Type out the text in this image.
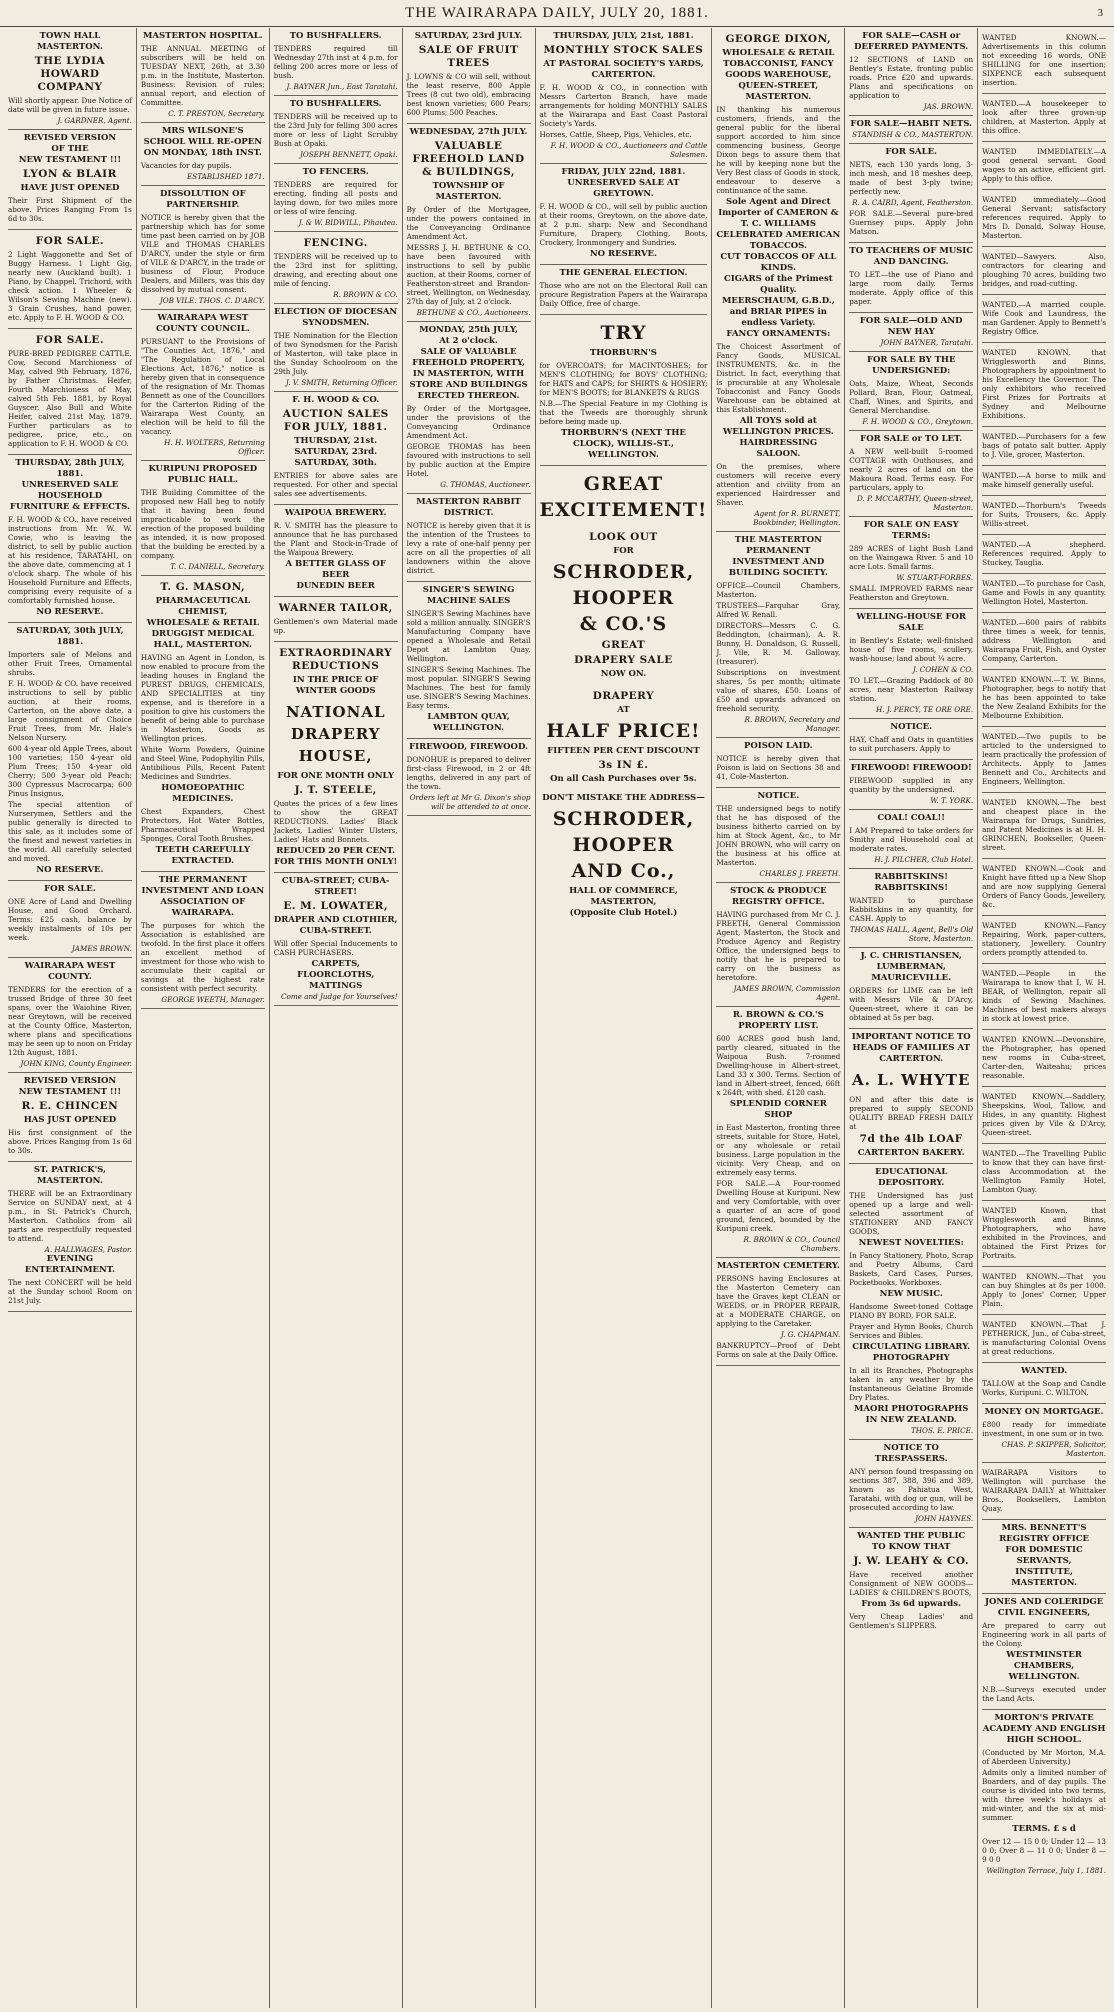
THE WAIRARAPA DAILY, JULY 20, 1881.	3
TOWN HALL MASTERTON.
THE LYDIA HOWARD COMPANY
Will shortly appear. Due Notice of date will be given in future issue.
J. GARDNER, Agent.
REVISED VERSION
OF THE
NEW TESTAMENT !!!
LYON & BLAIR
HAVE JUST OPENED
Their First Shipment of the above. Prices Ranging From 1s 6d to 30s.
FOR SALE.
2 Light Waggonette and Set of Buggy Harness. 1 Light Gig, nearly new (Auckland built). 1 Piano, by Chappel. Trichord, with check action. 1 Wheeler & Wilson's Sewing Machine (new). 3 Grain Crushes, hand power, etc. Apply to F. H. WOOD & CO.
FOR SALE.
PURE-BRED PEDIGREE CATTLE. Cow, Second Marchioness of May, calved 9th February, 1876, by Father Christmas. Heifer, Fourth Marchioness of May, calved 5th Feb. 1881, by Royal Guyscer. Also Bull and White Heifer, calved 21st May, 1879. Further particulars as to pedigree, price, etc., on application to F. H. WOOD & CO.
THURSDAY, 28th JULY, 1881.
UNRESERVED SALE HOUSEHOLD FURNITURE & EFFECTS.
F. H. WOOD & CO., have received instructions from Mr. W. W. Cowie, who is leaving the district, to sell by public auction at his residence, TARATAHI, on the above date, commencing at 1 o'clock sharp. The whole of his Household Furniture and Effects, comprising every requisite of a comfortably furnished house.
NO RESERVE.
SATURDAY, 30th JULY, 1881.
Importers sale of Melons and other Fruit Trees, Ornamental shrubs.
F. H. WOOD & CO. have received instructions to sell by public auction, at their rooms, Carterton, on the above date, a large consignment of Choice Fruit Trees, from Mr. Hale's Nelson Nursery.
600 4-year old Apple Trees, about 100 varieties; 150 4-year old Plum Trees; 150 4-year old Cherry; 500 3-year old Peach; 300 Cypressus Macrocarpa; 600 Pinus Insignus.
The special attention of Nurserymen, Settlers and the public generally is directed to this sale, as it includes some of the finest and newest varieties in the world. All carefully selected and moved.
NO RESERVE.
FOR SALE.
ONE Acre of Land and Dwelling House, and Good Orchard. Terms: £25 cash, balance by weekly instalments of 10s per week.
JAMES BROWN.
WAIRARAPA WEST COUNTY.
TENDERS for the erection of a trussed Bridge of three 30 feet spans, over the Waiohine River, near Greytown, will be received at the County Office, Masterton, where plans and specifications may be seen up to noon on Friday 12th August, 1881.
JOHN KING, County Engineer.
REVISED VERSION
NEW TESTAMENT !!!
R. E. CHINCEN
HAS JUST OPENED
His first consignment of the above. Prices Ranging from 1s 6d to 30s.
ST. PATRICK'S, MASTERTON.
THERE will be an Extraordinary Service on SUNDAY next, at 4 p.m., in St. Patrick's Church, Masterton. Catholics from all parts are respectfully requested to attend.
A. HALLWAGES, Pastor.
EVENING ENTERTAINMENT.
The next CONCERT will be held at the Sunday school Room on 21st July.
MASTERTON HOSPITAL.
THE ANNUAL MEETING of subscribers will be held on TUESDAY NEXT, 26th, at 3.30 p.m. in the Institute, Masterton. Business: Revision of rules; annual report, and election of Committee.
C. T. PRESTON, Secretary.
MRS WILSONE'S SCHOOL WILL RE-OPEN ON MONDAY, 18th INST.
Vacancies for day pupils.
ESTABLISHED 1871.
DISSOLUTION OF PARTNERSHIP.
NOTICE is hereby given that the partnership which has for some time past been carried on by JOB VILE and THOMAS CHARLES D'ARCY, under the style or firm of VILE & D'ARCY, in the trade or business of Flour, Produce Dealers, and Millers, was this day dissolved by mutual consent.
JOB VILE. THOS. C. D'ARCY.
WAIRARAPA WEST COUNTY COUNCIL.
PURSUANT to the Provisions of "The Counties Act, 1876," and "The Regulation of Local Elections Act, 1876," notice is hereby given that in consequence of the resignation of Mr. Thomas Bennett as one of the Councillors for the Carterton Riding of the Wairarapa West County, an election will be held to fill the vacancy.
H. H. WOLTERS, Returning Officer.
KURIPUNI PROPOSED PUBLIC HALL.
THE Building Committee of the proposed new Hall beg to notify that it having been found impracticable to work the erection of the proposed building as intended, it is now proposed that the building be erected by a company.
T. C. DANIELL, Secretary.
T. G. MASON,
PHARMACEUTICAL CHEMIST,
WHOLESALE & RETAIL DRUGGIST MEDICAL HALL, MASTERTON.
HAVING an Agent in London, is now enabled to procure from the leading houses in England the PUREST DRUGS, CHEMICALS, AND SPECIALITIES at tiny expense, and is therefore in a position to give his customers the benefit of being able to purchase in Masterton, Goods as Wellington prices.
White Worm Powders, Quinine and Steel Wine, Podophyllin Pills, Antibilious Pills, Recent Patent Medicines and Sundries.
HOMOEOPATHIC MEDICINES.
Chest Expanders, Chest Protectors, Hot Water Bottles, Pharmaceutical Wrapped Sponges, Coral Tooth Brushes.
TEETH CAREFULLY EXTRACTED.
THE PERMANENT INVESTMENT AND LOAN ASSOCIATION OF WAIRARAPA.
The purposes for which the Association is established are twofold. In the first place it offers an excellent method of investment for those who wish to accumulate their capital or savings at the highest rate consistent with perfect security.
GEORGE WEETH, Manager.
TO BUSHFALLERS.
TENDERS required till Wednesday 27th inst at 4 p.m. for felling 200 acres more or less of bush.
J. BAYNER Jun., East Taratahi.
TO BUSHFALLERS.
TENDERS will be received up to the 23rd July for felling 300 acres more or less of Light Scrubby Bush at Opaki.
JOSEPH BENNETT, Opaki.
TO FENCERS.
TENDERS are required for erecting, finding all posts and laying down, for two miles more or less of wire fencing.
J. & W. BIDWILL, Pihautea.
FENCING.
TENDERS will be received up to the 23rd inst for splitting, drawing, and erecting about one mile of fencing.
R. BROWN & CO.
ELECTION OF DIOCESAN SYNODSMEN.
THE Nomination for the Election of two Synodsmen for the Parish of Masterton, will take place in the Sunday Schoolroom on the 29th July.
J. V. SMITH, Returning Officer.
F. H. WOOD & CO.
AUCTION SALES FOR JULY, 1881.
THURSDAY, 21st.
SATURDAY, 23rd.
SATURDAY, 30th.
ENTRIES for above sales are requested. For other and special sales see advertisements.
WAIPOUA BREWERY.
R. V. SMITH has the pleasure to announce that he has purchased the Plant and Stock-in-Trade of the Waipoua Brewery.
A BETTER GLASS OF BEER
DUNEDIN BEER
WARNER TAILOR,
Gentlemen's own Material made up.
EXTRAORDINARY REDUCTIONS
IN THE PRICE OF WINTER GOODS
NATIONAL DRAPERY HOUSE,
FOR ONE MONTH ONLY
J. T. STEELE,
Quotes the prices of a few lines to show the GREAT REDUCTIONS. Ladies' Black Jackets, Ladies' Winter Ulsters, Ladies' Hats and Bonnets.
REDUCED 20 PER CENT. FOR THIS MONTH ONLY!
CUBA-STREET; CUBA-STREET!
E. M. LOWATER,
DRAPER AND CLOTHIER, CUBA-STREET.
Will offer Special Inducements to CASH PURCHASERS.
CARPETS, FLOORCLOTHS, MATTINGS
Come and Judge for Yourselves!
SATURDAY, 23rd JULY.
SALE OF FRUIT TREES
J. LOWNS & CO will sell, without the least reserve, 800 Apple Trees (8 cut two old), embracing best known varieties; 600 Pears; 600 Plums; 500 Peaches.
WEDNESDAY, 27th JULY.
VALUABLE FREEHOLD LAND & BUILDINGS,
TOWNSHIP OF MASTERTON.
By Order of the Mortgagee, under the powers contained in the Conveyancing Ordinance Amendment Act.
MESSRS J. H. BETHUNE & CO. have been favoured with instructions to sell by public auction, at their Rooms, corner of Featherston-street and Brandon-street, Wellington, on Wednesday, 27th day of July, at 2 o'clock.
BETHUNE & CO., Auctioneers.
MONDAY, 25th JULY,
At 2 o'clock.
SALE OF VALUABLE FREEHOLD PROPERTY, IN MASTERTON, WITH STORE AND BUILDINGS ERECTED THEREON.
By Order of the Mortgagee, under the provisions of the Conveyancing Ordinance Amendment Act.
GEORGE THOMAS has been favoured with instructions to sell by public auction at the Empire Hotel.
G. THOMAS, Auctioneer.
MASTERTON RABBIT DISTRICT.
NOTICE is hereby given that it is the intention of the Trustees to levy a rate of one-half penny per acre on all the properties of all landowners within the above district.
SINGER'S SEWING MACHINE SALES
SINGER'S Sewing Machines have sold a million annually. SINGER'S Manufacturing Company have opened a Wholesale and Retail Depot at Lambton Quay, Wellington.
SINGER'S Sewing Machines. The most popular. SINGER'S Sewing Machines. The best for family use. SINGER'S Sewing Machines. Easy terms.
LAMBTON QUAY, WELLINGTON.
FIREWOOD, FIREWOOD.
DONOHUE is prepared to deliver first-class Firewood, in 2 or 4ft lengths, delivered in any part of the town.
Orders left at Mr G. Dixon's shop will be attended to at once.
THURSDAY, JULY, 21st, 1881.
MONTHLY STOCK SALES
AT PASTORAL SOCIETY'S YARDS, CARTERTON.
F. H. WOOD & CO., in connection with Messrs Carterton Branch, have made arrangements for holding MONTHLY SALES at the Wairarapa and East Coast Pastoral Society's Yards.
Horses, Cattle, Sheep, Pigs, Vehicles, etc.
F. H. WOOD & CO., Auctioneers and Cattle Salesmen.
FRIDAY, JULY 22nd, 1881.
UNRESERVED SALE AT GREYTOWN.
F. H. WOOD & CO., will sell by public auction at their rooms, Greytown, on the above date, at 2 p.m. sharp: New and Secondhand Furniture, Drapery, Clothing, Boots, Crockery, Ironmongery and Sundries.
NO RESERVE.
THE GENERAL ELECTION.
Those who are not on the Electoral Roll can procure Registration Papers at the Wairarapa Daily Office, free of charge.
TRY
THORBURN'S
for OVERCOATS; for MACINTOSHES; for MEN'S CLOTHING; for BOYS' CLOTHING; for HATS and CAPS; for SHIRTS & HOSIERY; for MEN'S BOOTS; for BLANKETS & RUGS
N.B.—The Special Feature in my Clothing is that the Tweeds are thoroughly shrunk before being made up.
THORBURN'S (NEXT THE CLOCK), WILLIS-ST., WELLINGTON.
GREAT
EXCITEMENT!
LOOK OUT
FOR
SCHRODER,
HOOPER
& CO.'S
GREAT
DRAPERY SALE
NOW ON.
DRAPERY
AT
HALF PRICE!
FIFTEEN PER CENT DISCOUNT
3s IN £.
On all Cash Purchases over 5s.
DON'T MISTAKE THE ADDRESS—
SCHRODER,
HOOPER
AND Co.,
HALL OF COMMERCE,
MASTERTON,
(Opposite Club Hotel.)
GEORGE DIXON,
WHOLESALE & RETAIL TOBACCONIST, FANCY GOODS WAREHOUSE, QUEEN-STREET, MASTERTON.
IN thanking his numerous customers, friends, and the general public for the liberal support accorded to him since commencing business, George Dixon begs to assure them that he will by keeping none but the Very Best class of Goods in stock, endeavour to deserve a continuance of the same.
Sole Agent and Direct Importer of CAMERON & T. C. WILLIAMS
CELEBRATED AMERICAN TOBACCOS.
CUT TOBACCOS OF ALL KINDS.
CIGARS of the Primest Quality.
MEERSCHAUM, G.B.D., and BRIAR PIPES in endless Variety.
FANCY ORNAMENTS:
The Choicest Assortment of Fancy Goods, MUSICAL INSTRUMENTS, &c. in the District. In fact, everything that is procurable at any Wholesale Tobacconist and Fancy Goods Warehouse can be obtained at this Establishment.
All TOYS sold at WELLINGTON PRICES.
HAIRDRESSING SALOON.
On the premises, where customers will receive every attention and civility from an experienced Hairdresser and Shaver.
Agent for R. BURNETT, Bookbinder, Wellington.
THE MASTERTON PERMANENT INVESTMENT AND BUILDING SOCIETY.
OFFICE—Council Chambers, Masterton.
TRUSTEES—Farquhar Gray, Alfred W. Renall.
DIRECTORS—Messrs C. G. Beddington, (chairman), A. R. Bunny, H. Donaldson, G. Russell, J. Vile, R. M. Galloway, (treasurer).
Subscriptions on investment shares, 5s per month; ultimate value of shares, £50. Loans of £50 and upwards advanced on freehold security.
R. BROWN, Secretary and Manager.
POISON LAID.
NOTICE is hereby given that Poison is laid on Sections 38 and 41, Cole-Masterton.
NOTICE.
THE undersigned begs to notify that he has disposed of the business hitherto carried on by him at Stock Agent, &c., to Mr JOHN BROWN, who will carry on the business at his office at Masterton.
CHARLES J. FREETH.
STOCK & PRODUCE REGISTRY OFFICE.
HAVING purchased from Mr C. J. FREETH, General Commission Agent, Masterton, the Stock and Produce Agency and Registry Office, the undersigned begs to notify that he is prepared to carry on the business as heretofore.
JAMES BROWN, Commission Agent.
R. BROWN & CO.'S PROPERTY LIST.
600 ACRES good bush land, partly cleared, situated in the Waipoua Bush. 7-roomed Dwelling-house in Albert-street, Land 33 x 300. Terms. Section of land in Albert-street, fenced, 66ft x 264ft, with shed. £120 cash.
SPLENDID CORNER SHOP
in East Masterton, fronting three streets, suitable for Store, Hotel, or any wholesale or retail business. Large population in the vicinity. Very Cheap, and on extremely easy terms.
FOR SALE.—A Four-roomed Dwelling House at Kuripuni. New and very Comfortable, with over a quarter of an acre of good ground, fenced, bounded by the Kuripuni creek.
R. BROWN & CO., Council Chambers.
MASTERTON CEMETERY.
PERSONS having Enclosures at the Masterton Cemetery can have the Graves kept CLEAN or WEEDS, or in PROPER REPAIR, at a MODERATE CHARGE, on applying to the Caretaker.
J. G. CHAPMAN.
BANKRUPTCY—Proof of Debt Forms on sale at the Daily Office.
FOR SALE—CASH or DEFERRED PAYMENTS.
12 SECTIONS of LAND on Bentley's Estate, fronting public roads. Price £20 and upwards. Plans and specifications on application to
JAS. BROWN.
FOR SALE—HABIT NETS.
STANDISH & CO., MASTERTON.
FOR SALE.
NETS, each 130 yards long, 3-inch mesh, and 18 meshes deep, made of best 3-ply twine; perfectly new.
R. A. CAIRD, Agent, Featherston.
FOR SALE.—Several pure-bred Guernsey pups. Apply John Matson.
TO TEACHERS OF MUSIC AND DANCING.
TO LET.—the use of Piano and large room daily. Terms moderate. Apply office of this paper.
FOR SALE—OLD AND NEW HAY
JOHN BAYNER, Taratahi.
FOR SALE BY THE UNDERSIGNED:
Oats, Maize, Wheat, Seconds Pollard, Bran, Flour, Oatmeal, Chaff, Wines, and Spirits, and General Merchandise.
F. H. WOOD & CO., Greytown.
FOR SALE or TO LET.
A NEW well-built 5-roomed COTTAGE with Outhouses, and nearly 2 acres of land on the Makoura Road. Terms easy. For particulars, apply to
D. P. MCCARTHY, Queen-street, Masterton.
FOR SALE ON EASY TERMS:
289 ACRES of Light Bush Land on the Waingawa River. 5 and 10 acre Lots. Small farms.
W. STUART-FORBES.
SMALL IMPROVED FARMS near Featherston and Greytown.
WELLING-HOUSE FOR SALE
in Bentley's Estate; well-finished house of five rooms, scullery, wash-house; land about ¼ acre.
J. COHEN & CO.
TO LET.—Grazing Paddock of 80 acres, near Masterton Railway station.
H. J. PERCY, TE ORE ORE.
NOTICE.
HAY, Chaff and Oats in quantities to suit purchasers. Apply to
FIREWOOD! FIREWOOD!
FIREWOOD supplied in any quantity by the undersigned.
W. T. YORK.
COAL! COAL!!
I AM Prepared to take orders for Smithy and Household coal at moderate rates.
H. J. PILCHER, Club Hotel.
RABBITSKINS! RABBITSKINS!
WANTED to purchase Rabbitskins in any quantity, for CASH. Apply to
THOMAS HALL, Agent, Bell's Old Store, Masterton.
J. C. CHRISTIANSEN, LUMBERMAN, MAURICEVILLE.
ORDERS for LIME can be left with Messrs Vile & D'Arcy, Queen-street, where it can be obtained at 5s per bag.
IMPORTANT NOTICE TO HEADS OF FAMILIES AT CARTERTON.
A. L. WHYTE
ON and after this date is prepared to supply SECOND QUALITY BREAD FRESH DAILY at
7d the 4lb LOAF
CARTERTON BAKERY.
EDUCATIONAL DEPOSITORY.
THE Undersigned has just opened up a large and well-selected assortment of STATIONERY AND FANCY GOODS,
NEWEST NOVELTIES:
In Fancy Stationery, Photo, Scrap and Poetry Albums, Card Baskets, Card Cases, Purses, Pocketbooks, Workboxes.
NEW MUSIC.
Handsome Sweet-toned Cottage PIANO BY BORD, FOR SALE.
Prayer and Hymn Books, Church Services and Bibles.
CIRCULATING LIBRARY.
PHOTOGRAPHY
In all its Branches, Photographs taken in any weather by the Instantaneous Gelatine Bromide Dry Plates.
MAORI PHOTOGRAPHS
IN NEW ZEALAND.
THOS. E. PRICE.
NOTICE TO TRESPASSERS.
ANY person found trespassing on sections 387, 388, 396 and 389, known as Pahiatua West, Taratahi, with dog or gun, will be prosecuted according to law.
JOHN HAYNES.
WANTED THE PUBLIC TO KNOW THAT
J. W. LEAHY & CO.
Have received another Consignment of NEW GOODS—LADIES' & CHILDREN'S BOOTS,
From 3s 6d upwards.
Very Cheap Ladies' and Gentlemen's SLIPPERS.
WANTED KNOWN.—Advertisements in this column not exceeding 16 words, ONE SHILLING for one insertion; SIXPENCE each subsequent insertion.
WANTED.—A housekeeper to look after three grown-up children, at Masterton. Apply at this office.
WANTED IMMEDIATELY.—A good general servant. Good wages to an active, efficient girl. Apply to this office.
WANTED immediately.—Good General Servant; satisfactory references required. Apply to Mrs D. Donald, Solway House, Masterton.
WANTED—Sawyers. Also, contractors for clearing and ploughing 70 acres, building two bridges, and road-cutting.
WANTED.—A married couple. Wife Cook and Laundress, the man Gardener. Apply to Bennett's Registry Office.
WANTED KNOWN, that Wrigglesworth and Binns, Photographers by appointment to his Excellency the Governor. The only exhibitors who received First Prizes for Portraits at Sydney and Melbourne Exhibitions.
WANTED.—Purchasers for a few bags of potato salt butter. Apply to J. Vile, grocer, Masterton.
WANTED.—A horse to milk and make himself generally useful.
WANTED.—Thorburn's Tweeds for Suits, Trousers, &c. Apply Willis-street.
WANTED.—A shepherd. References required. Apply to Stuckey, Tauglia.
WANTED.—To purchase for Cash, Game and Fowls in any quantity. Wellington Hotel, Masterton.
WANTED.—600 pairs of rabbits three times a week, for tennis, address Wellington and Wairarapa Fruit, Fish, and Oyster Company, Carterton.
WANTED KNOWN.—T. W. Binns, Photographer, begs to notify that he has been appointed to take the New Zealand Exhibits for the Melbourne Exhibition.
WANTED.—Two pupils to be articled to the undersigned to learn practically the profession of Architects. Apply to James Bennett and Co., Architects and Engineers, Wellington.
WANTED KNOWN.—The best and cheapest place in the Wairarapa for Drugs, Sundries, and Patent Medicines is at H. H. GRINCHEN, Bookseller, Queen-street.
WANTED KNOWN.—Cook and Knight have fitted up a New Shop and are now supplying General Orders of Fancy Goods, Jewellery, &c.
WANTED KNOWN.—Fancy Repairing, Work, paper-cutters, stationery, Jewellery. Country orders promptly attended to.
WANTED.—People in the Wairarapa to know that I, W. H. BEAR, of Wellington, repair all kinds of Sewing Machines. Machines of best makers always in stock at lowest price.
WANTED KNOWN.—Devonshire, the Photographer, has opened new rooms in Cuba-street, Carter-den, Waiteahu; prices reasonable.
WANTED KNOWN.—Saddlery, Sheepskins, Wool, Tallow, and Hides, in any quantity. Highest prices given by Vile & D'Arcy, Queen-street.
WANTED.—The Travelling Public to know that they can have first-class Accommodation at the Wellington Family Hotel, Lambton Quay.
WANTED Known, that Wrigglesworth and Binns, Photographers, who have exhibited in the Provinces, and obtained the First Prizes for Portraits.
WANTED KNOWN.—That you can buy Shingles at 8s per 1000. Apply to Jones' Corner, Upper Plain.
WANTED KNOWN.—That J. PETHERICK, Jun., of Cuba-street, is manufacturing Colonial Ovens at great reductions.
WANTED.
TALLOW at the Soap and Candle Works, Kuripuni. C. WILTON.
MONEY ON MORTGAGE.
£800 ready for immediate investment, in one sum or in two.
CHAS. P. SKIPPER, Solicitor, Masterton.
WAIRARAPA Visitors to Wellington will purchase the WAIRARAPA DAILY at Whittaker Bros., Booksellers, Lambton Quay.
MRS. BENNETT'S REGISTRY OFFICE
FOR DOMESTIC SERVANTS,
INSTITUTE, MASTERTON.
JONES AND COLERIDGE
CIVIL ENGINEERS,
Are prepared to carry out Engineering work in all parts of the Colony.
WESTMINSTER CHAMBERS, WELLINGTON.
N.B.—Surveys executed under the Land Acts.
MORTON'S PRIVATE ACADEMY AND ENGLISH HIGH SCHOOL.
(Conducted by Mr Morton, M.A. of Aberdeen University.)
Admits only a limited number of Boarders, and of day pupils. The course is divided into two terms, with three week's holidays at mid-winter, and the six at mid-summer.
TERMS. £ s d
Over 12 — 15 0 0; Under 12 — 13 0 0; Over 8 — 11 0 0; Under 8 — 9 0 0
Wellington Terrace, July 1, 1881.
